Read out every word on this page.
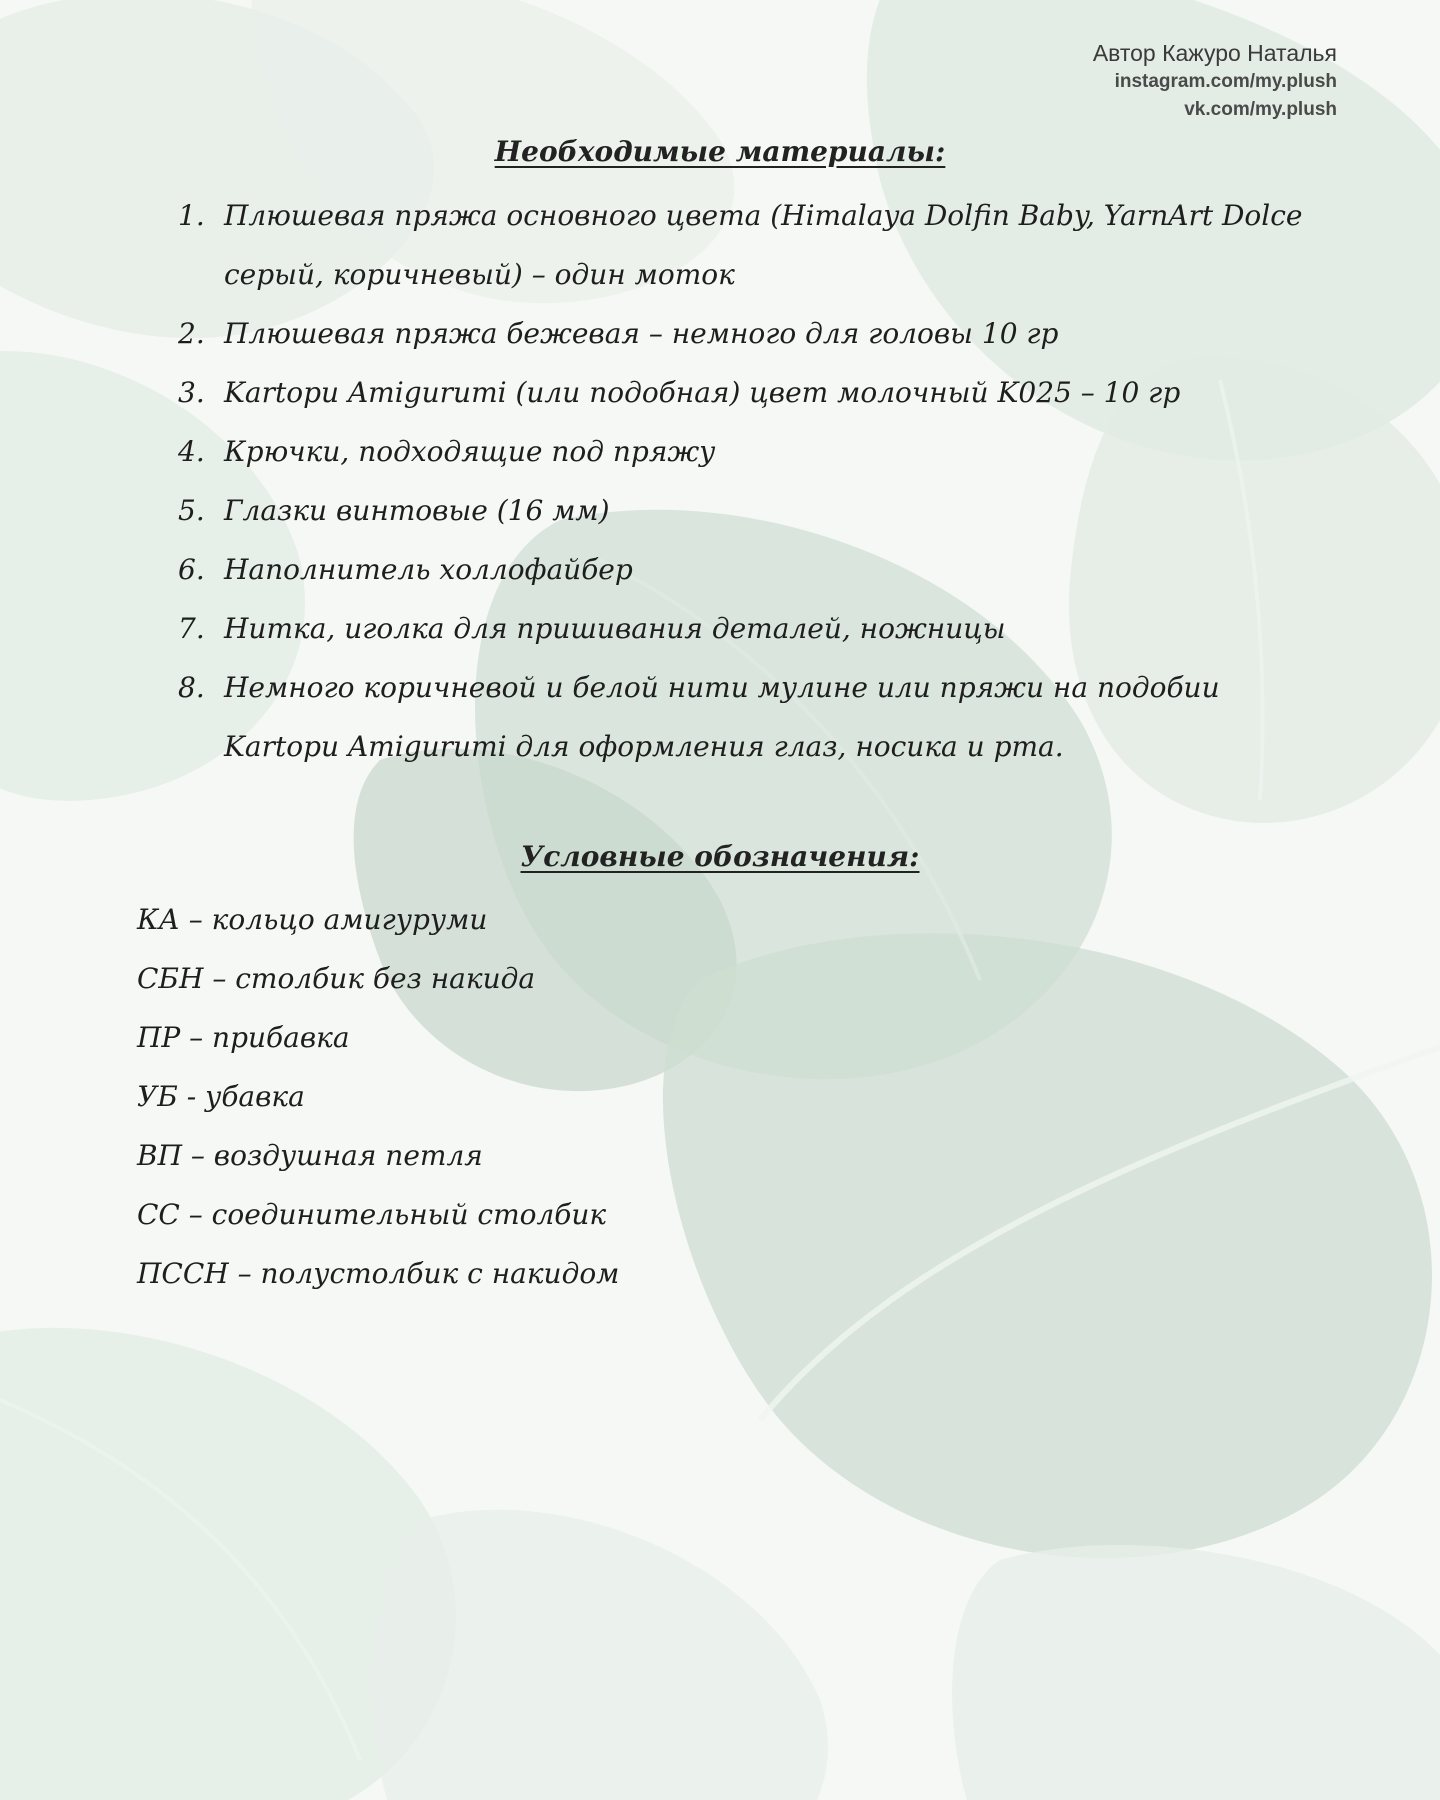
Автор Кажуро Наталья
instagram.com/my.plush
vk.com/my.plush
Необходимые материалы:
1. Плюшевая пряжа основного цвета (Himalaya Dolfin Baby, YarnArt Dolce серый, коричневый) – один моток
2. Плюшевая пряжа бежевая – немного для головы 10 гр
3. Kartopu Amigurumi (или подобная) цвет молочный K025 – 10 гр
4. Крючки, подходящие под пряжу
5. Глазки винтовые (16 мм)
6. Наполнитель холлофайбер
7. Нитка, иголка для пришивания деталей, ножницы
8. Немного коричневой и белой нити мулине или пряжи на подобии Kartopu Amigurumi для оформления глаз, носика и рта.
Условные обозначения:
КА – кольцо амигуруми
СБН – столбик без накида
ПР – прибавка
УБ - убавка
ВП – воздушная петля
СС – соединительный столбик
ПССН – полустолбик с накидом
